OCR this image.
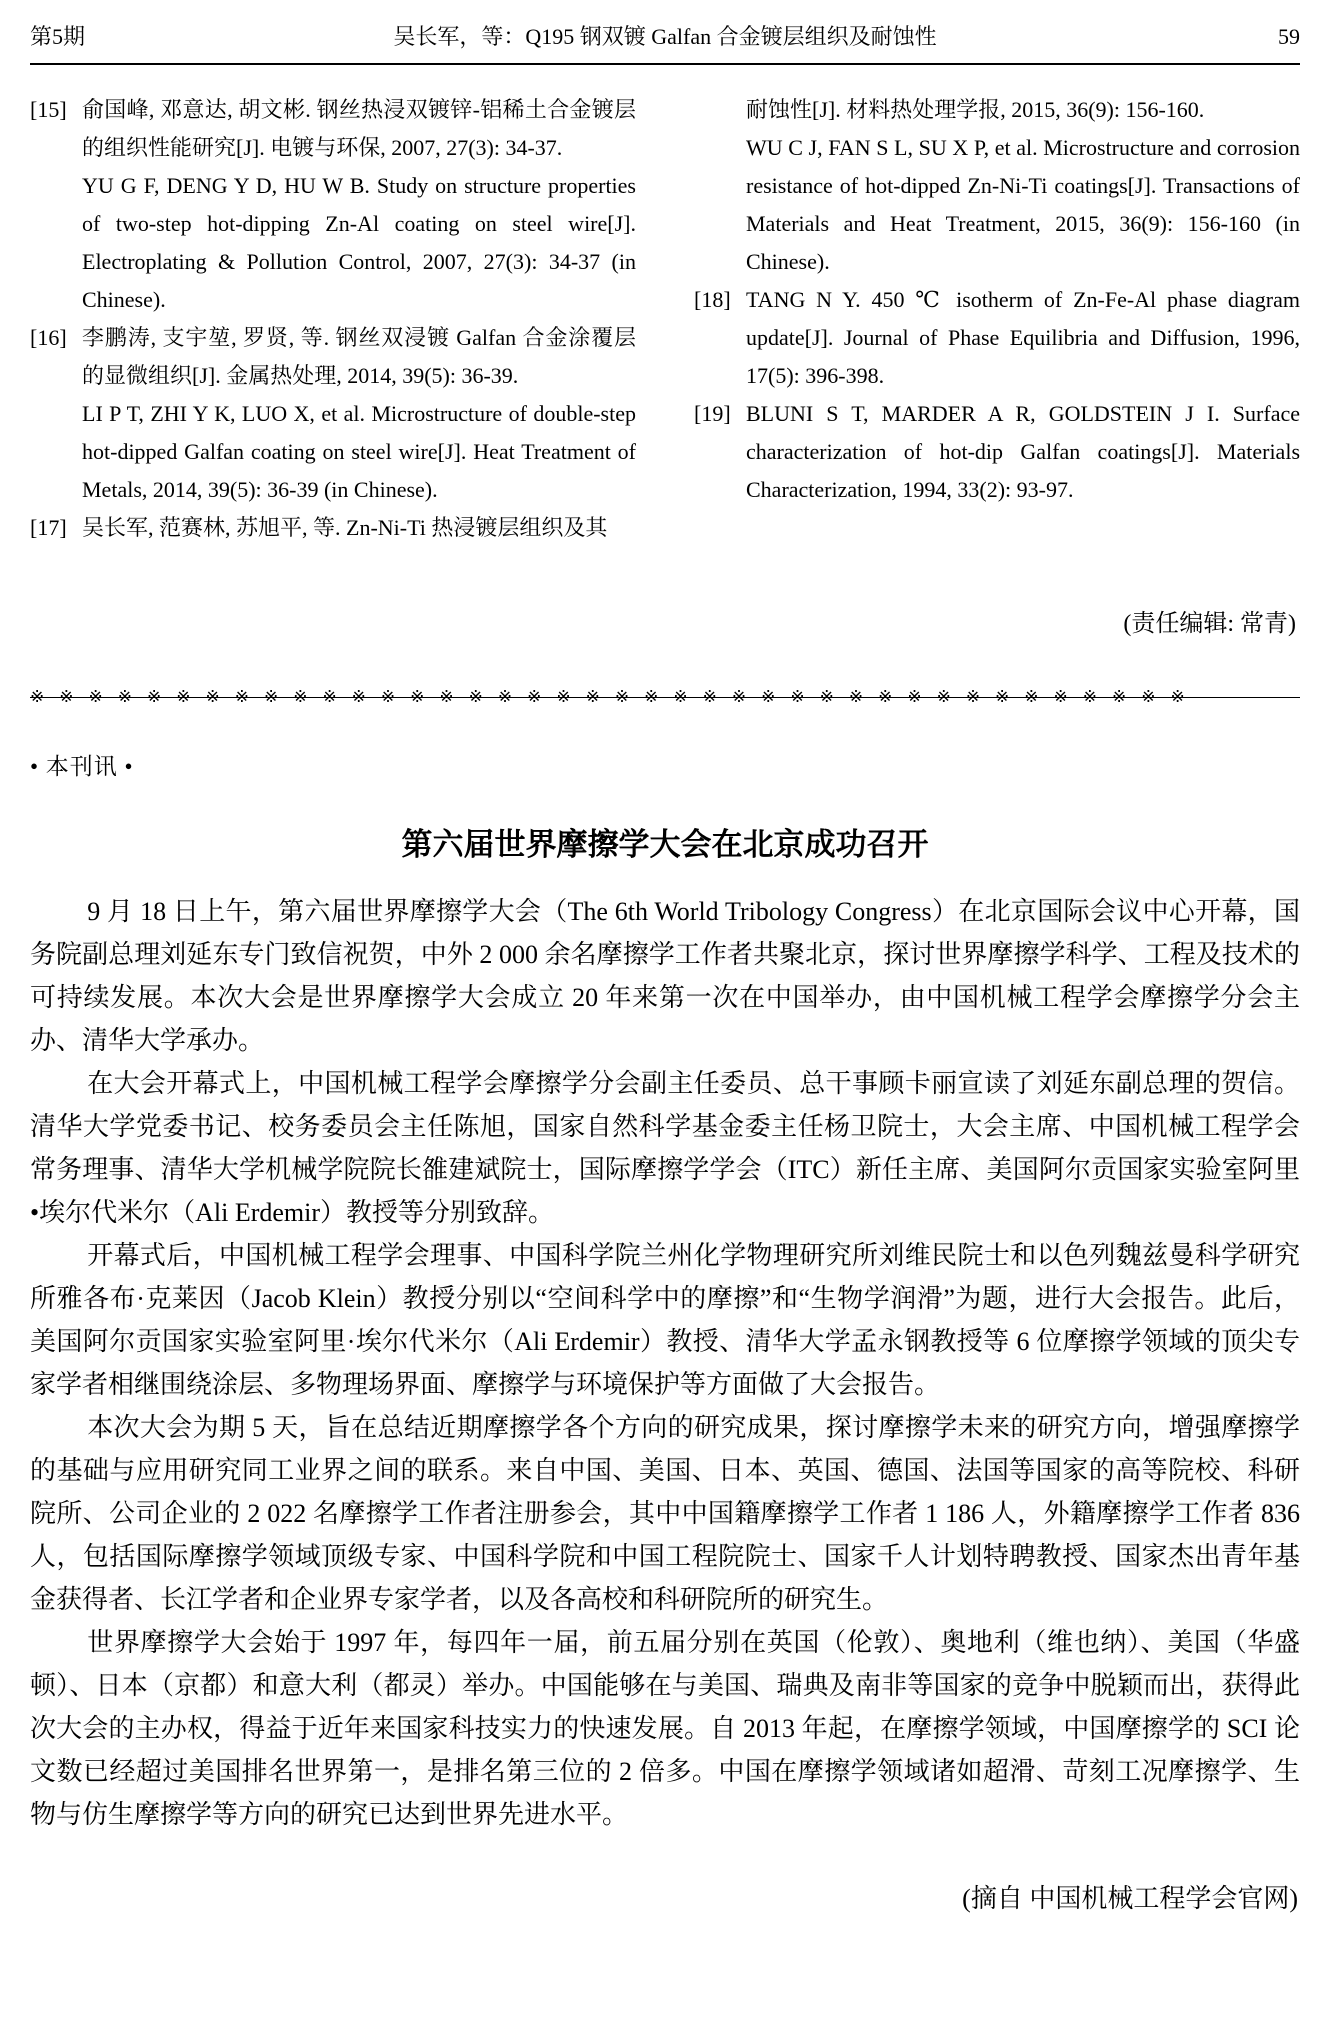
第5期	吴长军，等：Q195 钢双镀 Galfan 合金镀层组织及耐蚀性	59
[15] 俞国峰, 邓意达, 胡文彬. 钢丝热浸双镀锌-铝稀土合金镀层的组织性能研究[J]. 电镀与环保, 2007, 27(3): 34-37.
YU G F, DENG Y D, HU W B. Study on structure properties of two-step hot-dipping Zn-Al coating on steel wire[J]. Electroplating & Pollution Control, 2007, 27(3): 34-37 (in Chinese).
[16] 李鹏涛, 支宇堃, 罗贤, 等. 钢丝双浸镀 Galfan 合金涂覆层的显微组织[J]. 金属热处理, 2014, 39(5): 36-39.
LI P T, ZHI Y K, LUO X, et al. Microstructure of double-step hot-dipped Galfan coating on steel wire[J]. Heat Treatment of Metals, 2014, 39(5): 36-39 (in Chinese).
[17] 吴长军, 范赛林, 苏旭平, 等. Zn-Ni-Ti 热浸镀层组织及其
耐蚀性[J]. 材料热处理学报, 2015, 36(9): 156-160.
WU C J, FAN S L, SU X P, et al. Microstructure and corrosion resistance of hot-dipped Zn-Ni-Ti coatings[J]. Transactions of Materials and Heat Treatment, 2015, 36(9): 156-160 (in Chinese).
[18] TANG N Y. 450 ℃ isotherm of Zn-Fe-Al phase diagram update[J]. Journal of Phase Equilibria and Diffusion, 1996, 17(5): 396-398.
[19] BLUNI S T, MARDER A R, GOLDSTEIN J I. Surface characterization of hot-dip Galfan coatings[J]. Materials Characterization, 1994, 33(2): 93-97.
(责任编辑: 常青)
※※※※※※※※※※※※※※※※※※※※※※※※※※※※※※※※※※※※※※※※
• 本刊讯 •
第六届世界摩擦学大会在北京成功召开

9 月 18 日上午，第六届世界摩擦学大会（The 6th World Tribology Congress）在北京国际会议中心开幕，国务院副总理刘延东专门致信祝贺，中外 2 000 余名摩擦学工作者共聚北京，探讨世界摩擦学科学、工程及技术的可持续发展。本次大会是世界摩擦学大会成立 20 年来第一次在中国举办，由中国机械工程学会摩擦学分会主办、清华大学承办。

在大会开幕式上，中国机械工程学会摩擦学分会副主任委员、总干事顾卡丽宣读了刘延东副总理的贺信。清华大学党委书记、校务委员会主任陈旭，国家自然科学基金委主任杨卫院士，大会主席、中国机械工程学会常务理事、清华大学机械学院院长雒建斌院士，国际摩擦学学会（ITC）新任主席、美国阿尔贡国家实验室阿里•埃尔代米尔（Ali Erdemir）教授等分别致辞。

开幕式后，中国机械工程学会理事、中国科学院兰州化学物理研究所刘维民院士和以色列魏兹曼科学研究所雅各布·克莱因（Jacob Klein）教授分别以“空间科学中的摩擦”和“生物学润滑”为题，进行大会报告。此后，美国阿尔贡国家实验室阿里·埃尔代米尔（Ali Erdemir）教授、清华大学孟永钢教授等 6 位摩擦学领域的顶尖专家学者相继围绕涂层、多物理场界面、摩擦学与环境保护等方面做了大会报告。

本次大会为期 5 天，旨在总结近期摩擦学各个方向的研究成果，探讨摩擦学未来的研究方向，增强摩擦学的基础与应用研究同工业界之间的联系。来自中国、美国、日本、英国、德国、法国等国家的高等院校、科研院所、公司企业的 2 022 名摩擦学工作者注册参会，其中中国籍摩擦学工作者 1 186 人，外籍摩擦学工作者 836 人，包括国际摩擦学领域顶级专家、中国科学院和中国工程院院士、国家千人计划特聘教授、国家杰出青年基金获得者、长江学者和企业界专家学者，以及各高校和科研院所的研究生。

世界摩擦学大会始于 1997 年，每四年一届，前五届分别在英国（伦敦）、奥地利（维也纳）、美国（华盛顿）、日本（京都）和意大利（都灵）举办。中国能够在与美国、瑞典及南非等国家的竞争中脱颖而出，获得此次大会的主办权，得益于近年来国家科技实力的快速发展。自 2013 年起，在摩擦学领域，中国摩擦学的 SCI 论文数已经超过美国排名世界第一，是排名第三位的 2 倍多。中国在摩擦学领域诸如超滑、苛刻工况摩擦学、生物与仿生摩擦学等方向的研究已达到世界先进水平。

(摘自 中国机械工程学会官网)
